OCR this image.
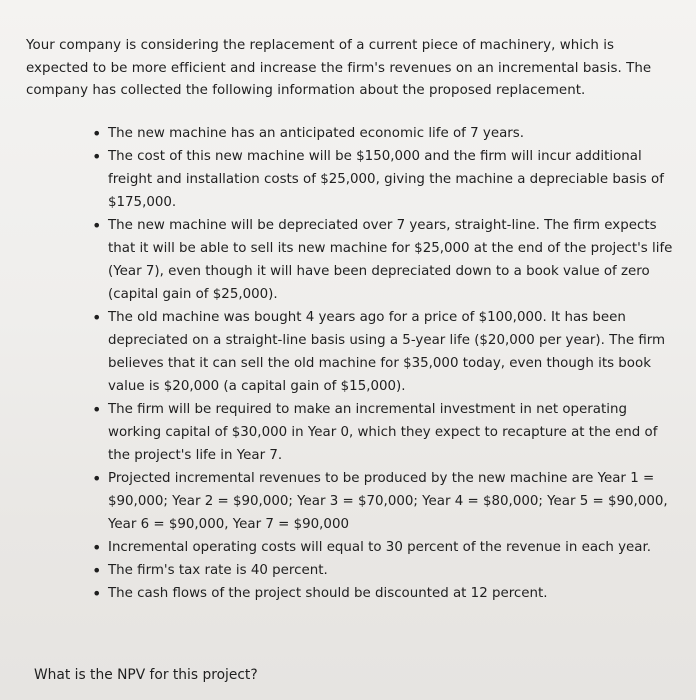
Your company is considering the replacement of a current piece of machinery, which is expected to be more efficient and increase the firm's revenues on an incremental basis. The company has collected the following information about the proposed replacement.

• The new machine has an anticipated economic life of 7 years.
• The cost of this new machine will be $150,000 and the firm will incur additional freight and installation costs of $25,000, giving the machine a depreciable basis of $175,000.
• The new machine will be depreciated over 7 years, straight-line. The firm expects that it will be able to sell its new machine for $25,000 at the end of the project's life (Year 7), even though it will have been depreciated down to a book value of zero (capital gain of $25,000).
• The old machine was bought 4 years ago for a price of $100,000. It has been depreciated on a straight-line basis using a 5-year life ($20,000 per year). The firm believes that it can sell the old machine for $35,000 today, even though its book value is $20,000 (a capital gain of $15,000).
• The firm will be required to make an incremental investment in net operating working capital of $30,000 in Year 0, which they expect to recapture at the end of the project's life in Year 7.
• Projected incremental revenues to be produced by the new machine are Year 1 = $90,000; Year 2 = $90,000; Year 3 = $70,000; Year 4 = $80,000; Year 5 = $90,000, Year 6 = $90,000, Year 7 = $90,000
• Incremental operating costs will equal to 30 percent of the revenue in each year.
• The firm's tax rate is 40 percent.
• The cash flows of the project should be discounted at 12 percent.
What is the NPV for this project?
